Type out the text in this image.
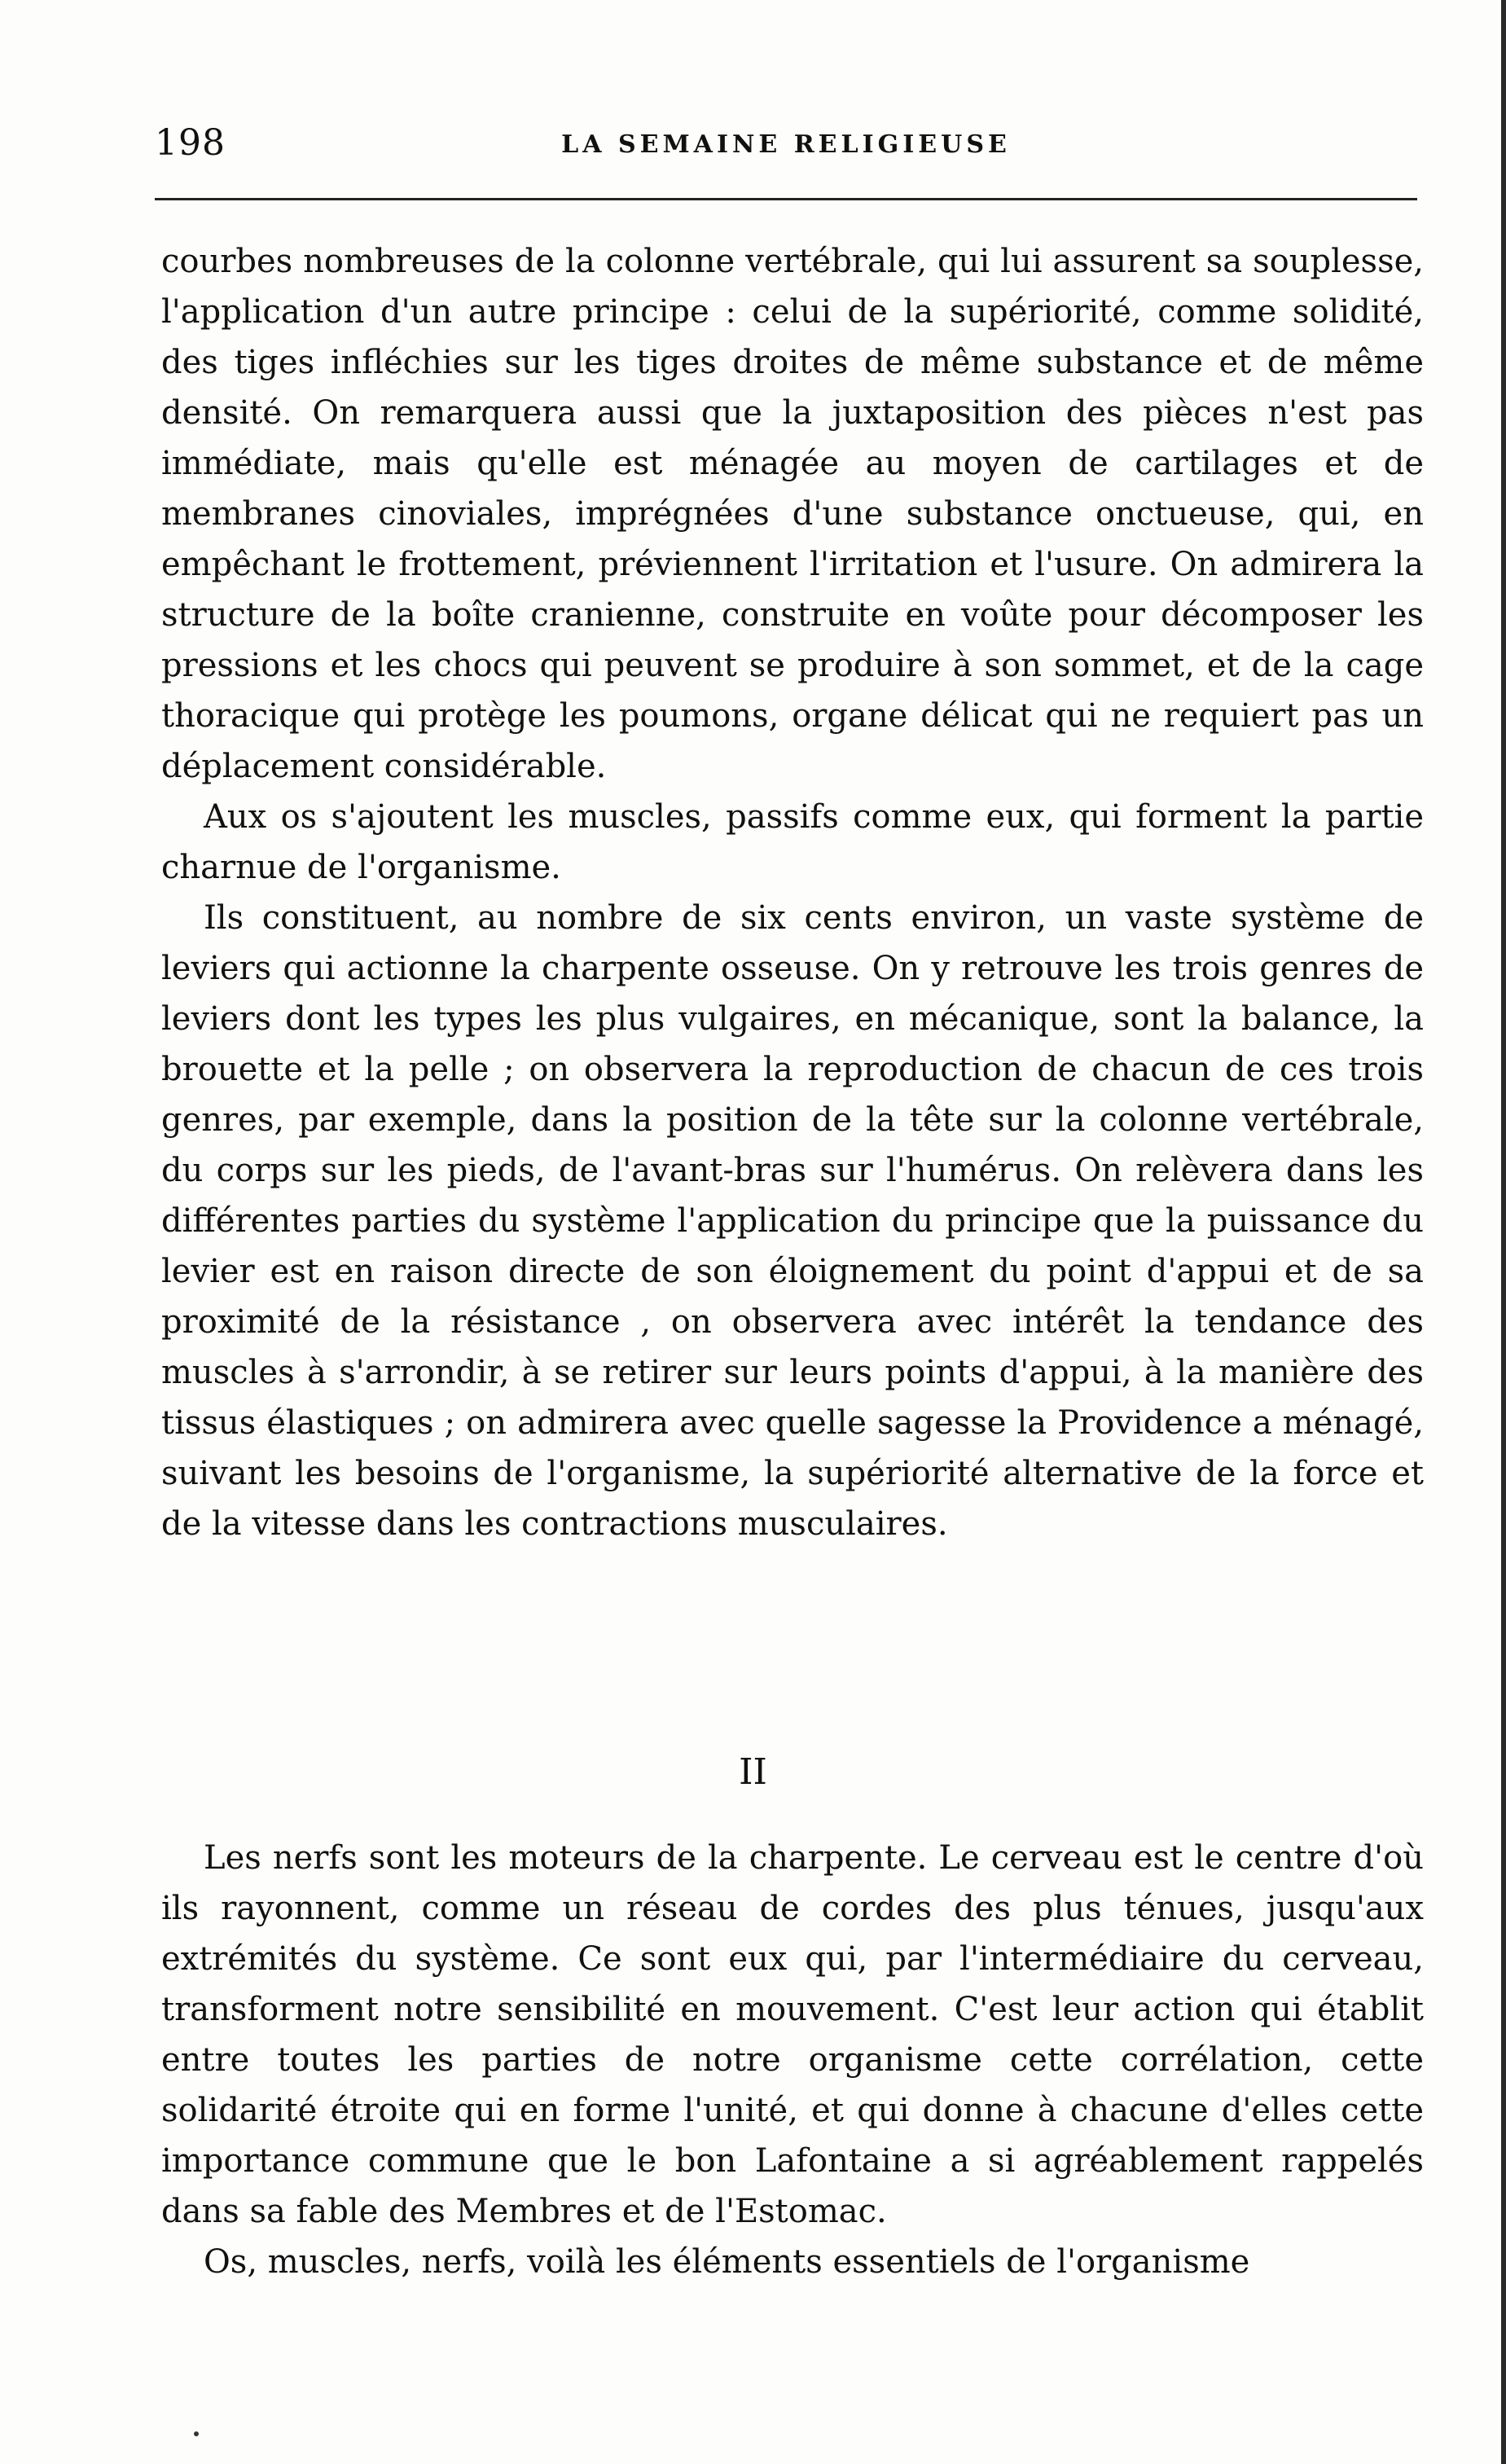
198	LA SEMAINE RELIGIEUSE

courbes nombreuses de la colonne vertébrale, qui lui assurent sa souplesse, l'application d'un autre principe : celui de la supériorité, comme solidité, des tiges infléchies sur les tiges droites de même substance et de même densité. On remarquera aussi que la juxtaposition des pièces n'est pas immédiate, mais qu'elle est ménagée au moyen de cartilages et de membranes cinoviales, imprégnées d'une substance onctueuse, qui, en empêchant le frottement, préviennent l'irritation et l'usure. On admirera la structure de la boîte cranienne, construite en voûte pour décomposer les pressions et les chocs qui peuvent se produire à son sommet, et de la cage thoracique qui protège les poumons, organe délicat qui ne requiert pas un déplacement considérable.

Aux os s'ajoutent les muscles, passifs comme eux, qui forment la partie charnue de l'organisme.

Ils constituent, au nombre de six cents environ, un vaste système de leviers qui actionne la charpente osseuse. On y retrouve les trois genres de leviers dont les types les plus vulgaires, en mécanique, sont la balance, la brouette et la pelle ; on observera la reproduction de chacun de ces trois genres, par exemple, dans la position de la tête sur la colonne vertébrale, du corps sur les pieds, de l'avant-bras sur l'humérus. On relèvera dans les différentes parties du système l'application du principe que la puissance du levier est en raison directe de son éloignement du point d'appui et de sa proximité de la résistance , on observera avec intérêt la tendance des muscles à s'arrondir, à se retirer sur leurs points d'appui, à la manière des tissus élastiques ; on admirera avec quelle sagesse la Providence a ménagé, suivant les besoins de l'organisme, la supériorité alternative de la force et de la vitesse dans les contractions musculaires.

II

Les nerfs sont les moteurs de la charpente. Le cerveau est le centre d'où ils rayonnent, comme un réseau de cordes des plus ténues, jusqu'aux extrémités du système. Ce sont eux qui, par l'intermédiaire du cerveau, transforment notre sensibilité en mouvement. C'est leur action qui établit entre toutes les parties de notre organisme cette corrélation, cette solidarité étroite qui en forme l'unité, et qui donne à chacune d'elles cette importance commune que le bon Lafontaine a si agréablement rappelés dans sa fable des Membres et de l'Estomac.

Os, muscles, nerfs, voilà les éléments essentiels de l'organisme
